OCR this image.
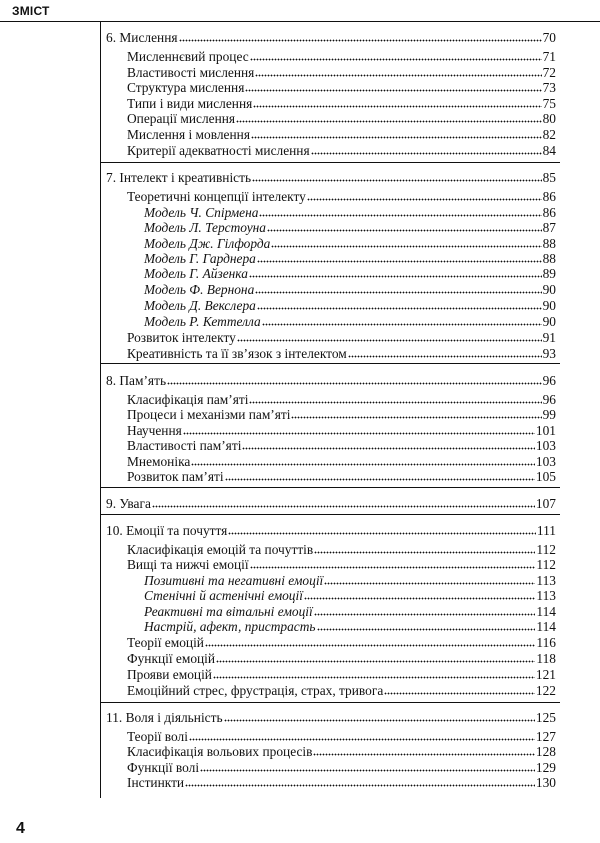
ЗМІСТ
6. Мислення	70
Мисленнєвий процес	71
Властивості мислення	72
Структура мислення	73
Типи і види мислення	75
Операції мислення	80
Мислення і мовлення	82
Критерії адекватності мислення	84
7. Інтелект і креативність	85
Теоретичні концепції інтелекту	86
Модель Ч. Спірмена	86
Модель Л. Терстоуна	87
Модель Дж. Гілфорда	88
Модель Г. Гарднера	88
Модель Г. Айзенка	89
Модель Ф. Вернона	90
Модель Д. Векслера	90
Модель Р. Кеттелла	90
Розвиток інтелекту	91
Креативність та її зв’язок з інтелектом	93
8. Пам’ять	96
Класифікація пам’яті	96
Процеси і механізми пам’яті	99
Научення	101
Властивості пам’яті	103
Мнемоніка	103
Розвиток пам’яті	105
9. Увага	107
10. Емоції та почуття	111
Класифікація емоцій та почуттів	112
Вищі та нижчі емоції	112
Позитивні та негативні емоції	113
Стенічні й астенічні емоції	113
Реактивні та вітальні емоції	114
Настрій, афект, пристрасть	114
Теорії емоцій	116
Функції емоцій	118
Прояви емоцій	121
Емоційний стрес, фрустрація, страх, тривога	122
11. Воля і діяльність	125
Теорії волі	127
Класифікація вольових процесів	128
Функції волі	129
Інстинкти	130
4
